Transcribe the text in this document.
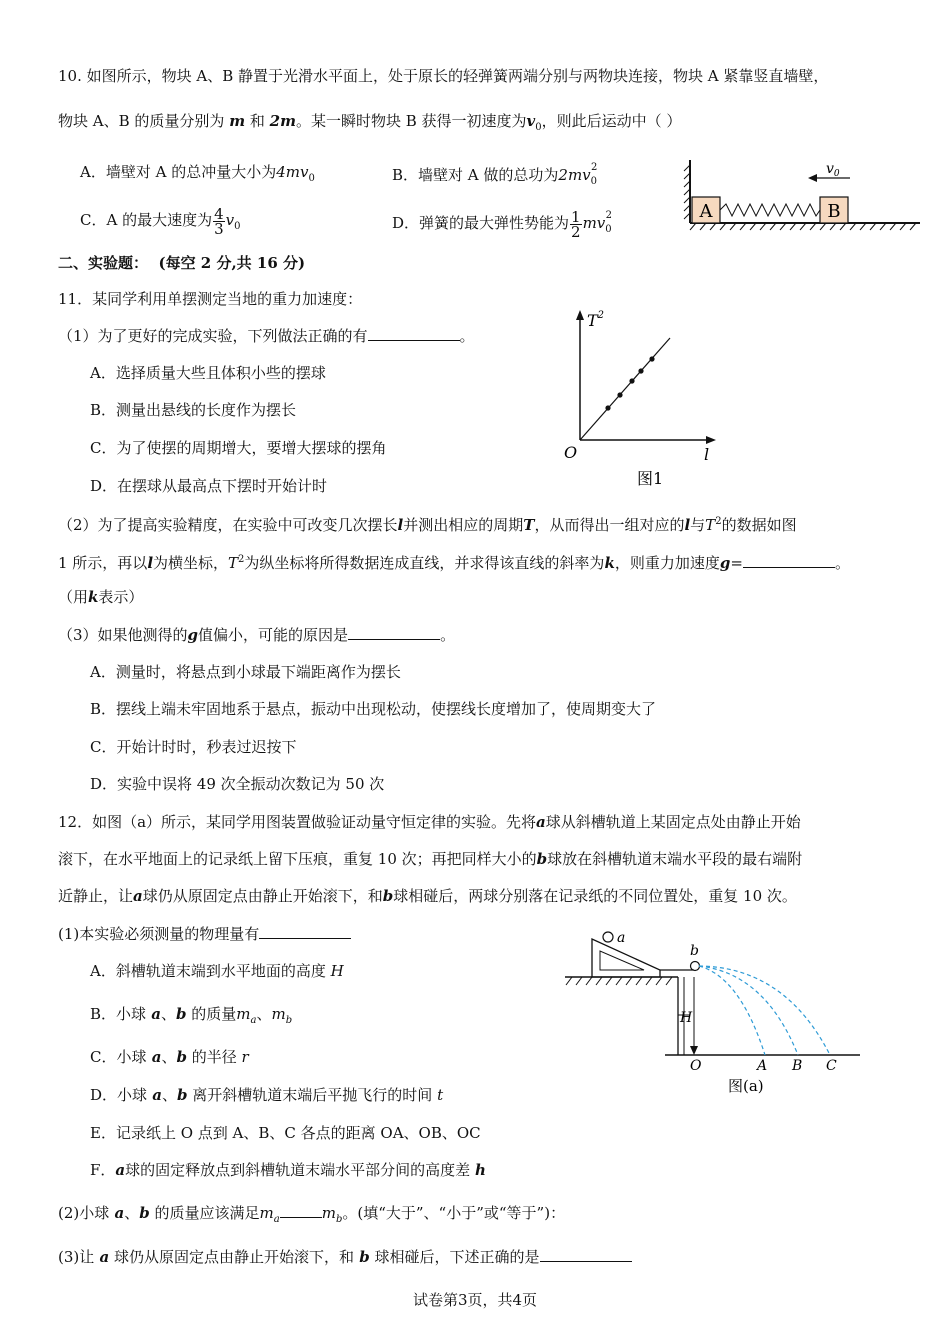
10. 如图所示，物块 A、B 静置于光滑水平面上，处于原长的轻弹簧两端分别与两物块连接，物块 A 紧靠竖直墙壁，
物块 A、B 的质量分别为 m 和 2m。某一瞬时物块 B 获得一初速度为$v_0$，则此后运动中（ ）
A．墙壁对 A 的总冲量大小为$4mv_0$	B．墙壁对 A 做的总功为$2mv_0^2$
C．A 的最大速度为 $\frac{4}{3} v_0$	D．弹簧的最大弹性势能为 $\frac{1}{2} mv_0^2$	A	B
$v_0$
二、实验题： (每空 2 分,共 16 分)
11．某同学利用单摆测定当地的重力加速度：
（1）为了更好的完成实验，下列做法正确的有	。
A．选择质量大些且体积小些的摆球
B．测量出悬线的长度作为摆长
C．为了使摆的周期增大，要增大摆球的摆角
D．在摆球从最高点下摆时开始计时
$T^2$
O	l
图1
（2）为了提高实验精度，在实验中可改变几次摆长l并测出相应的周期T，从而得出一组对应的l与$T^2$的数据如图
1 所示，再以l为横坐标，$T^2$为纵坐标将所得数据连成直线，并求得该直线的斜率为k，则重力加速度g=	。
（用k表示）
（3）如果他测得的g值偏小，可能的原因是	。
A．测量时，将悬点到小球最下端距离作为摆长
B．摆线上端未牢固地系于悬点，振动中出现松动，使摆线长度增加了，使周期变大了
C．开始计时时，秒表过迟按下
D．实验中误将 49 次全振动次数记为 50 次
12．如图（a）所示，某同学用图装置做验证动量守恒定律的实验。先将a球从斜槽轨道上某固定点处由静止开始
滚下，在水平地面上的记录纸上留下压痕，重复 10 次；再把同样大小的b球放在斜槽轨道末端水平段的最右端附
近静止，让a球仍从原固定点由静止开始滚下，和b球相碰后，两球分别落在记录纸的不同位置处，重复 10 次。
(1)本实验必须测量的物理量有
A．斜槽轨道末端到水平地面的高度 H
B．小球 a、b 的质量$m_a$、$m_b$
C．小球 a、b 的半径 r
D．小球 a、b 离开斜槽轨道末端后平抛飞行的时间 t
E．记录纸上 O 点到 A、B、C 各点的距离 OA、OB、OC
F．a球的固定释放点到斜槽轨道末端水平部分间的高度差 h
(2)小球 a、b 的质量应该满足$m_a$	$m_b$。(填“大于”、“小于”或“等于”)：
(3)让 a 球仍从原固定点由静止开始滚下，和 b 球相碰后，下述正确的是
a
b
H
O	A B C
图(a)
试卷第3页，共4页
